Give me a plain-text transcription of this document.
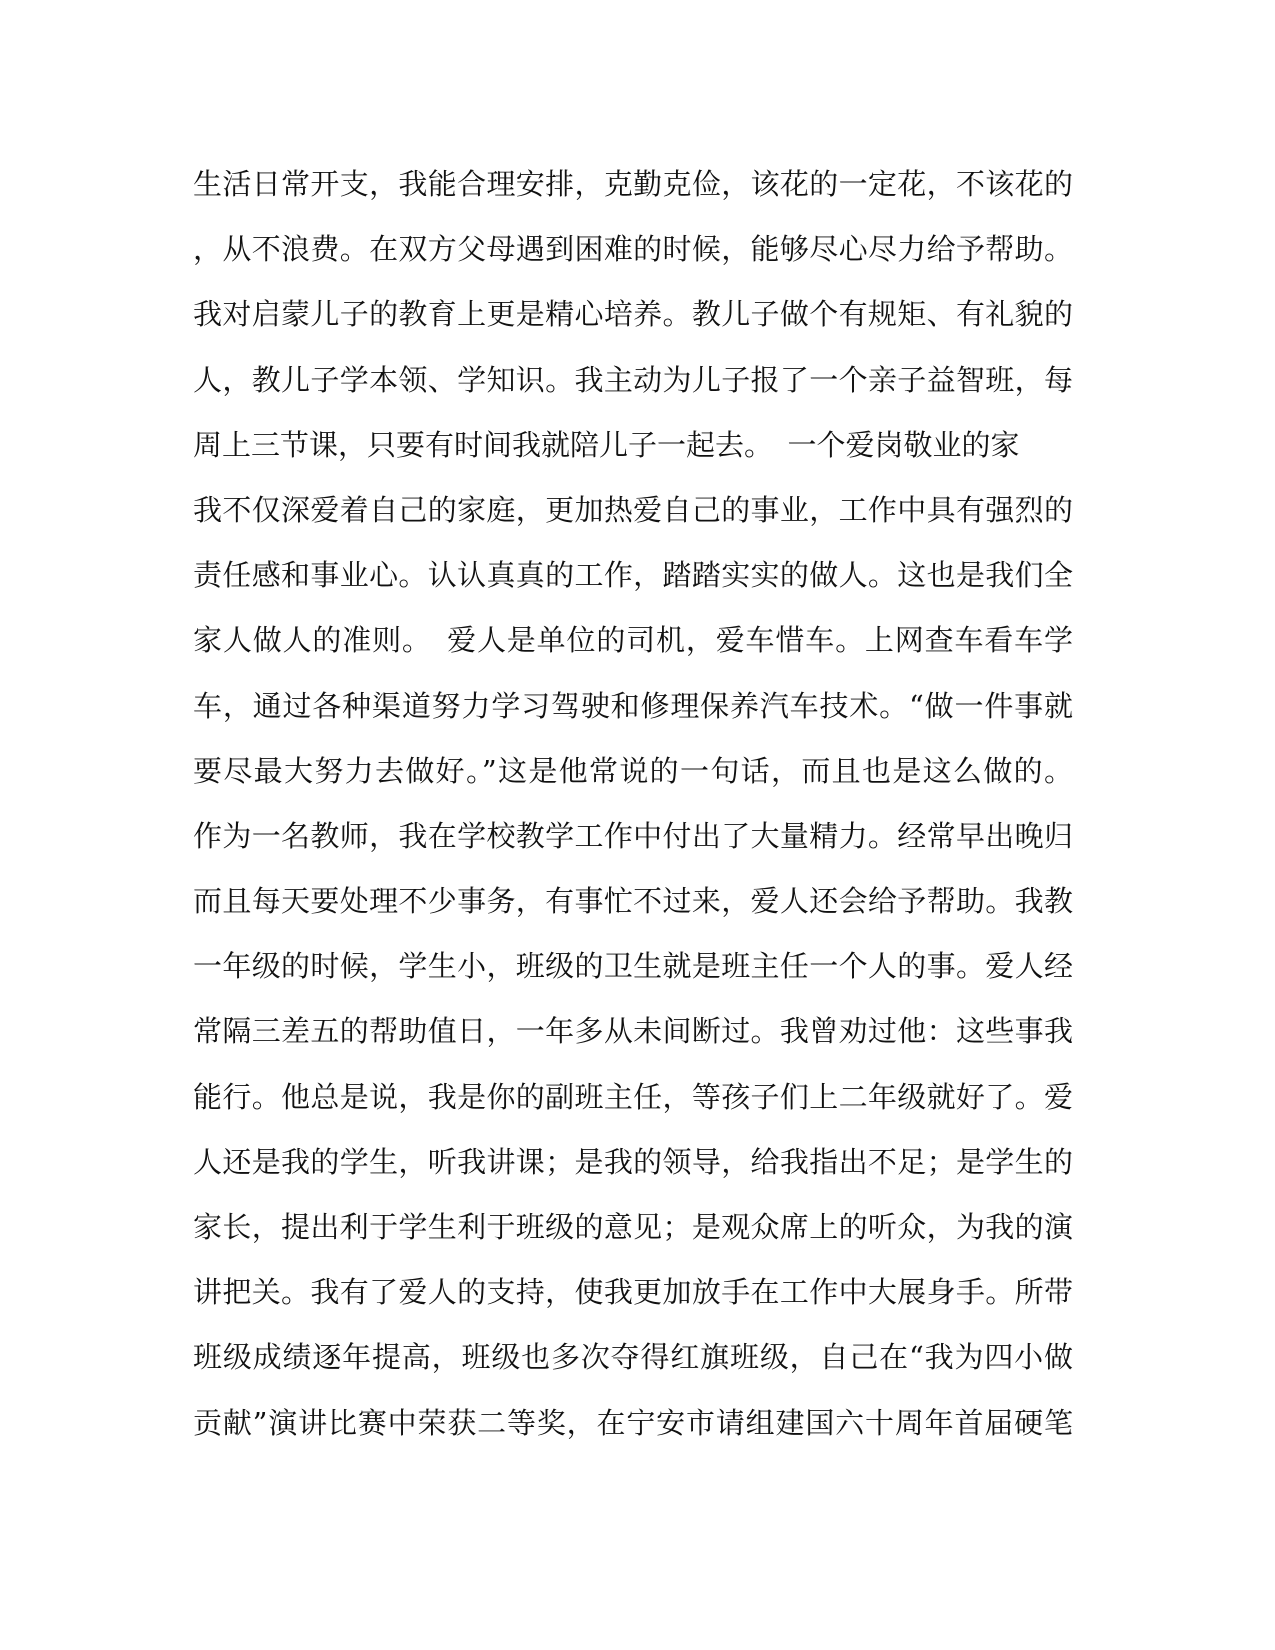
生活日常开支，我能合理安排，克勤克俭，该花的一定花，不该花的
，从不浪费。在双方父母遇到困难的时候，能够尽心尽力给予帮助。
我对启蒙儿子的教育上更是精心培养。教儿子做个有规矩、有礼貌的
人，教儿子学本领、学知识。我主动为儿子报了一个亲子益智班，每
周上三节课，只要有时间我就陪儿子一起去。　一个爱岗敬业的家
我不仅深爱着自己的家庭，更加热爱自己的事业，工作中具有强烈的
责任感和事业心。认认真真的工作，踏踏实实的做人。这也是我们全
家人做人的准则。　爱人是单位的司机，爱车惜车。上网查车看车学
车，通过各种渠道努力学习驾驶和修理保养汽车技术。“做一件事就
要尽最大努力去做好。”这是他常说的一句话，而且也是这么做的。
作为一名教师，我在学校教学工作中付出了大量精力。经常早出晚归
而且每天要处理不少事务，有事忙不过来，爱人还会给予帮助。我教
一年级的时候，学生小，班级的卫生就是班主任一个人的事。爱人经
常隔三差五的帮助值日，一年多从未间断过。我曾劝过他：这些事我
能行。他总是说，我是你的副班主任，等孩子们上二年级就好了。爱
人还是我的学生，听我讲课；是我的领导，给我指出不足；是学生的
家长，提出利于学生利于班级的意见；是观众席上的听众，为我的演
讲把关。我有了爱人的支持，使我更加放手在工作中大展身手。所带
班级成绩逐年提高，班级也多次夺得红旗班级，自己在“我为四小做
贡献”演讲比赛中荣获二等奖，在宁安市请组建国六十周年首届硬笔
